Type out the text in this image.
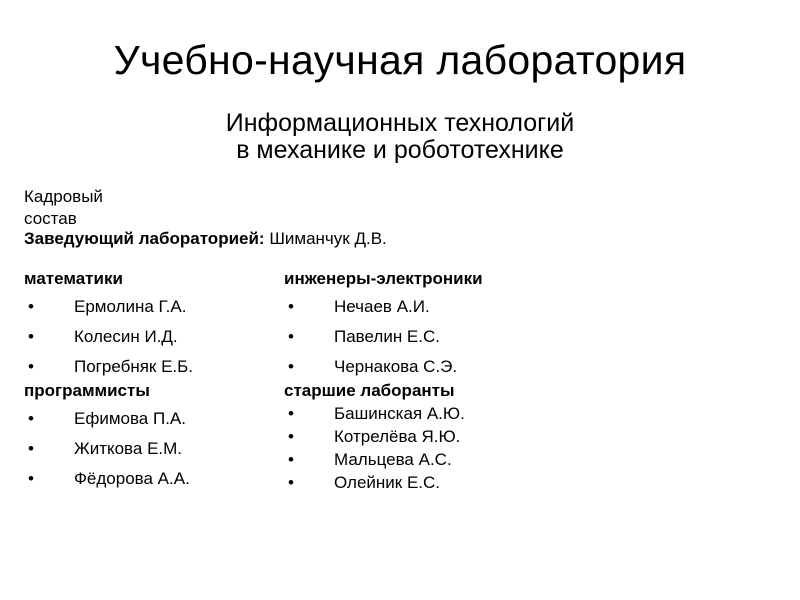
Учебно-научная лаборатория
Информационных технологий
в механике и робототехнике
Кадровый состав
Заведующий лабораторией: Шиманчук Д.В.
математики
• Ермолина Г.А.
• Колесин И.Д.
• Погребняк Е.Б.
программисты
• Ефимова П.А.
• Житкова Е.М.
• Фёдорова А.А.
инженеры-электроники
• Нечаев А.И.
• Павелин Е.С.
• Чернакова С.Э.
старшие лаборанты
• Башинская А.Ю.
• Котрелёва Я.Ю.
• Мальцева А.С.
• Олейник Е.С.
